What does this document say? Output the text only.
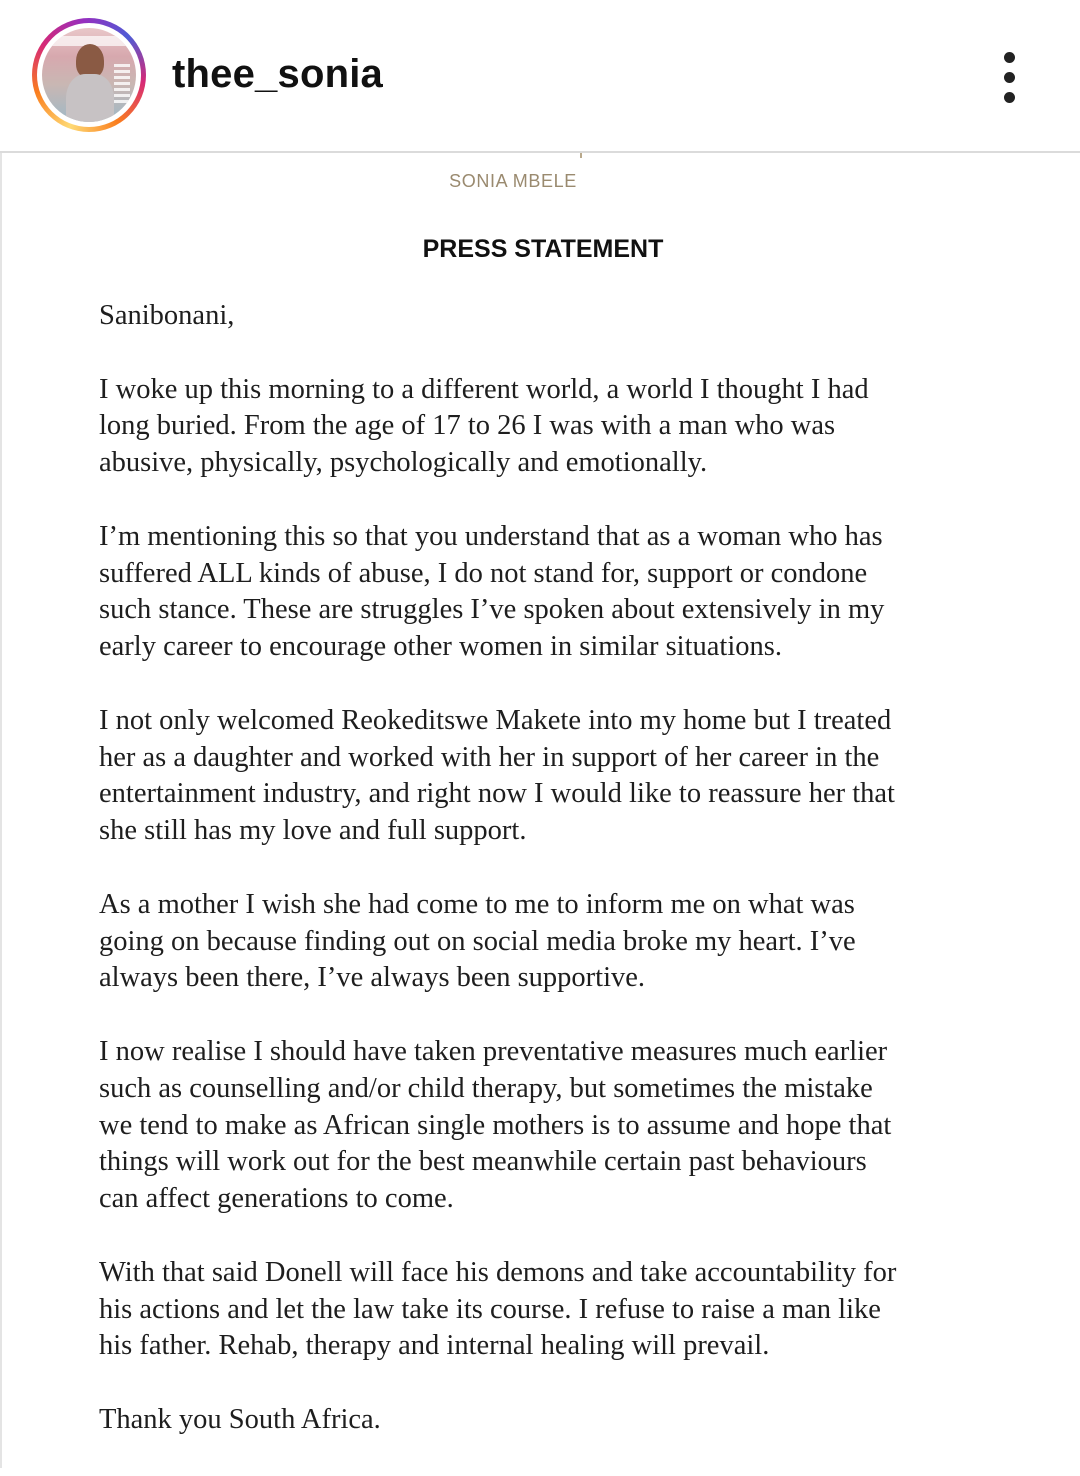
thee_sonia
SONIA MBELE
PRESS STATEMENT

Sanibonani,

I woke up this morning to a different world, a world I thought I had
long buried. From the age of 17 to 26 I was with a man who was
abusive, physically, psychologically and emotionally.

I’m mentioning this so that you understand that as a woman who has
suffered ALL kinds of abuse, I do not stand for, support or condone
such stance. These are struggles I’ve spoken about extensively in my
early career to encourage other women in similar situations.

I not only welcomed Reokeditswe Makete into my home but I treated
her as a daughter and worked with her in support of her career in the
entertainment industry, and right now I would like to reassure her that
she still has my love and full support.

As a mother I wish she had come to me to inform me on what was
going on because finding out on social media broke my heart. I’ve
always been there, I’ve always been supportive.

I now realise I should have taken preventative measures much earlier
such as counselling and/or child therapy, but sometimes the mistake
we tend to make as African single mothers is to assume and hope that
things will work out for the best meanwhile certain past behaviours
can affect generations to come.

With that said Donell will face his demons and take accountability for
his actions and let the law take its course. I refuse to raise a man like
his father. Rehab, therapy and internal healing will prevail.

Thank you South Africa.
